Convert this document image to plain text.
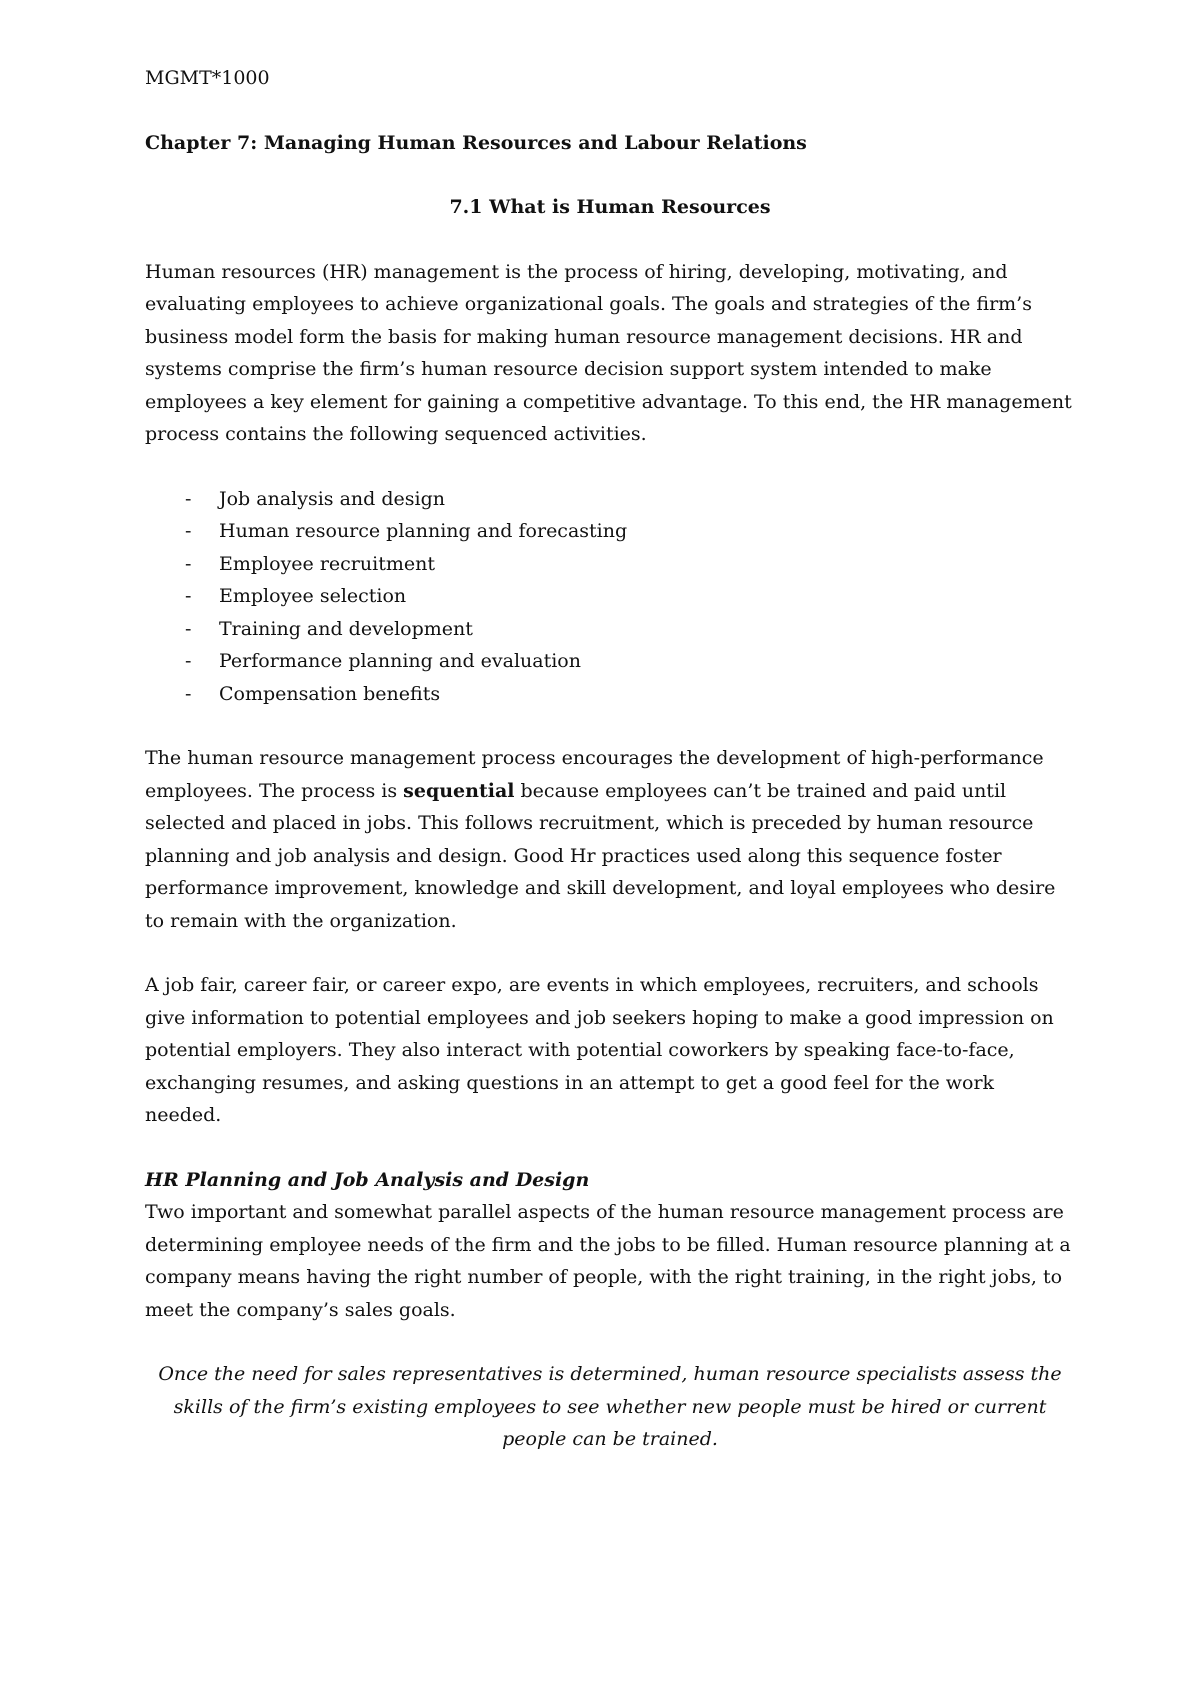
MGMT*1000
Chapter 7: Managing Human Resources and Labour Relations
7.1 What is Human Resources

Human resources (HR) management is the process of hiring, developing, motivating, and evaluating employees to achieve organizational goals. The goals and strategies of the firm’s business model form the basis for making human resource management decisions. HR and systems comprise the firm’s human resource decision support system intended to make employees a key element for gaining a competitive advantage. To this end, the HR management process contains the following sequenced activities.

-	Job analysis and design
-	Human resource planning and forecasting
-	Employee recruitment
-	Employee selection
-	Training and development
-	Performance planning and evaluation
-	Compensation benefits

The human resource management process encourages the development of high-performance employees. The process is sequential because employees can’t be trained and paid until selected and placed in jobs. This follows recruitment, which is preceded by human resource planning and job analysis and design. Good Hr practices used along this sequence foster performance improvement, knowledge and skill development, and loyal employees who desire to remain with the organization.

A job fair, career fair, or career expo, are events in which employees, recruiters, and schools give information to potential employees and job seekers hoping to make a good impression on potential employers. They also interact with potential coworkers by speaking face-to-face, exchanging resumes, and asking questions in an attempt to get a good feel for the work needed.

HR Planning and Job Analysis and Design

Two important and somewhat parallel aspects of the human resource management process are determining employee needs of the firm and the jobs to be filled. Human resource planning at a company means having the right number of people, with the right training, in the right jobs, to meet the company’s sales goals.

Once the need for sales representatives is determined, human resource specialists assess the skills of the firm’s existing employees to see whether new people must be hired or current people can be trained.
